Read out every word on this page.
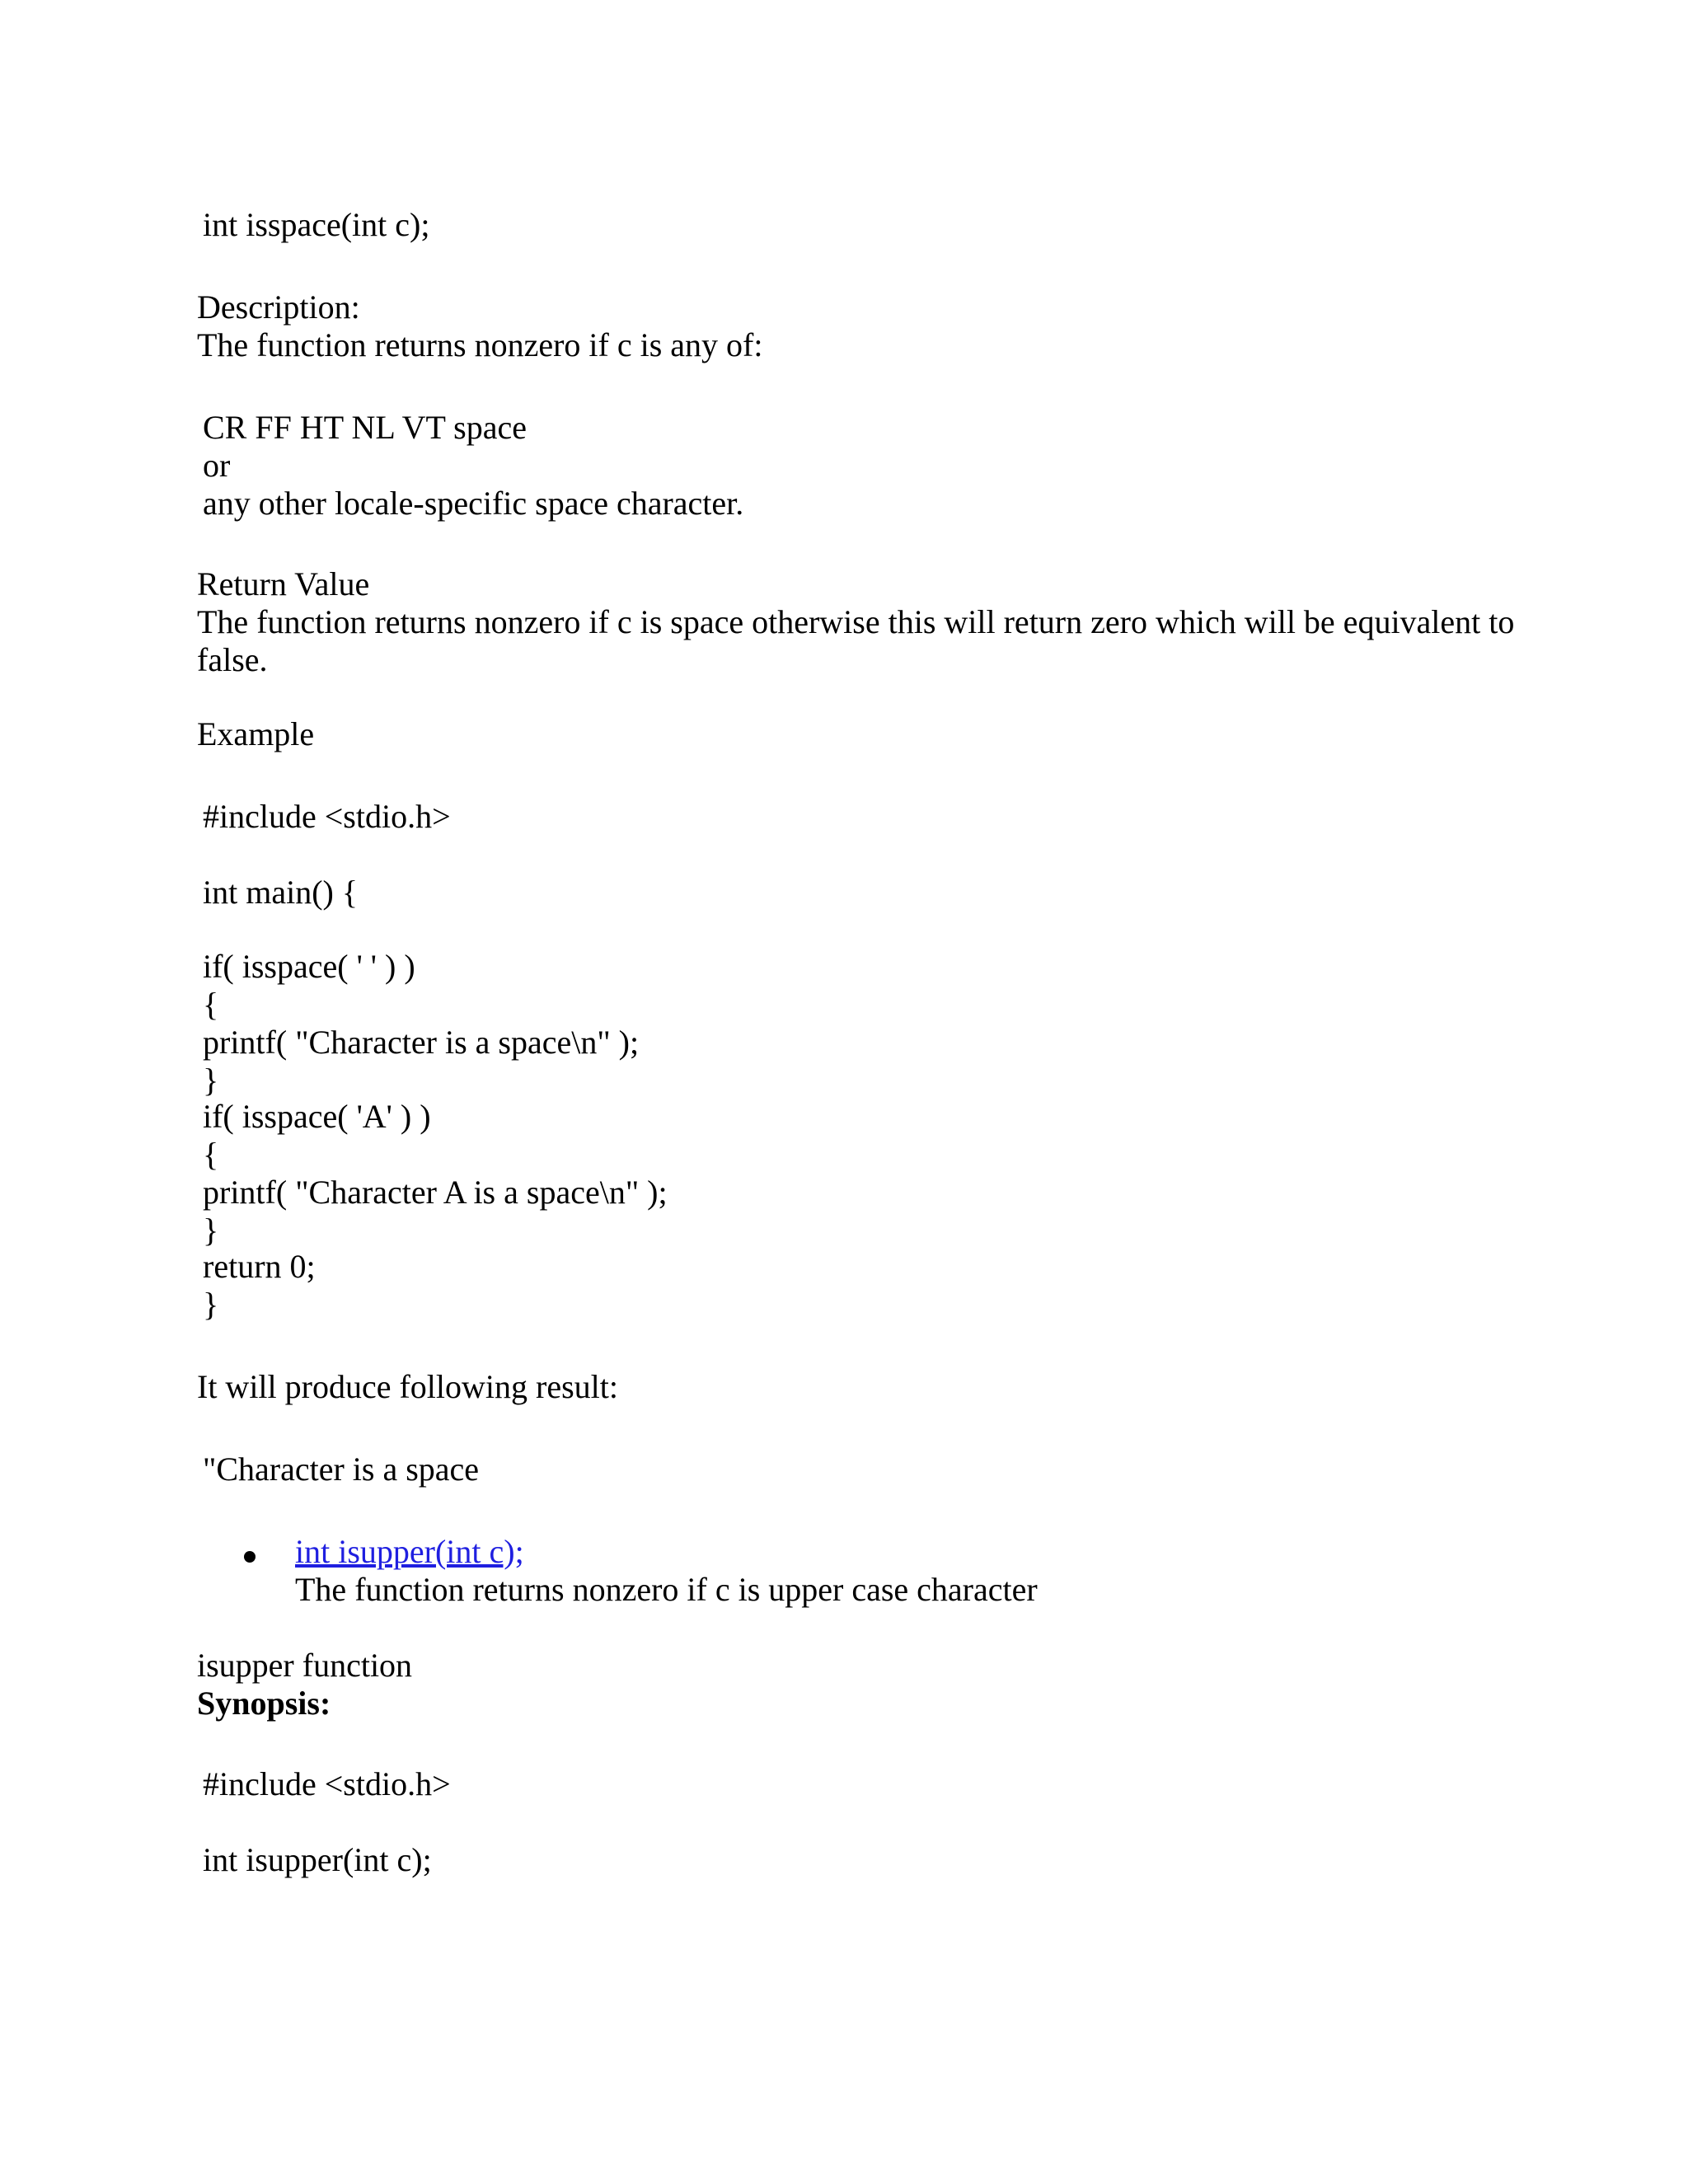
int isspace(int c);
Description:
The function returns nonzero if c is any of:
CR FF HT NL VT space
or
any other locale-specific space character.
Return Value
The function returns nonzero if c is space otherwise this will return zero which will be equivalent to
false.
Example
#include <stdio.h>
int main() {
if( isspace( ' ' ) )
{
printf( "Character is a space\n" );
}
if( isspace( 'A' ) )
{
printf( "Character A is a space\n" );
}
return 0;
}
It will produce following result:
"Character is a space
int isupper(int c);
The function returns nonzero if c is upper case character
isupper function
Synopsis:
#include <stdio.h>
int isupper(int c);
